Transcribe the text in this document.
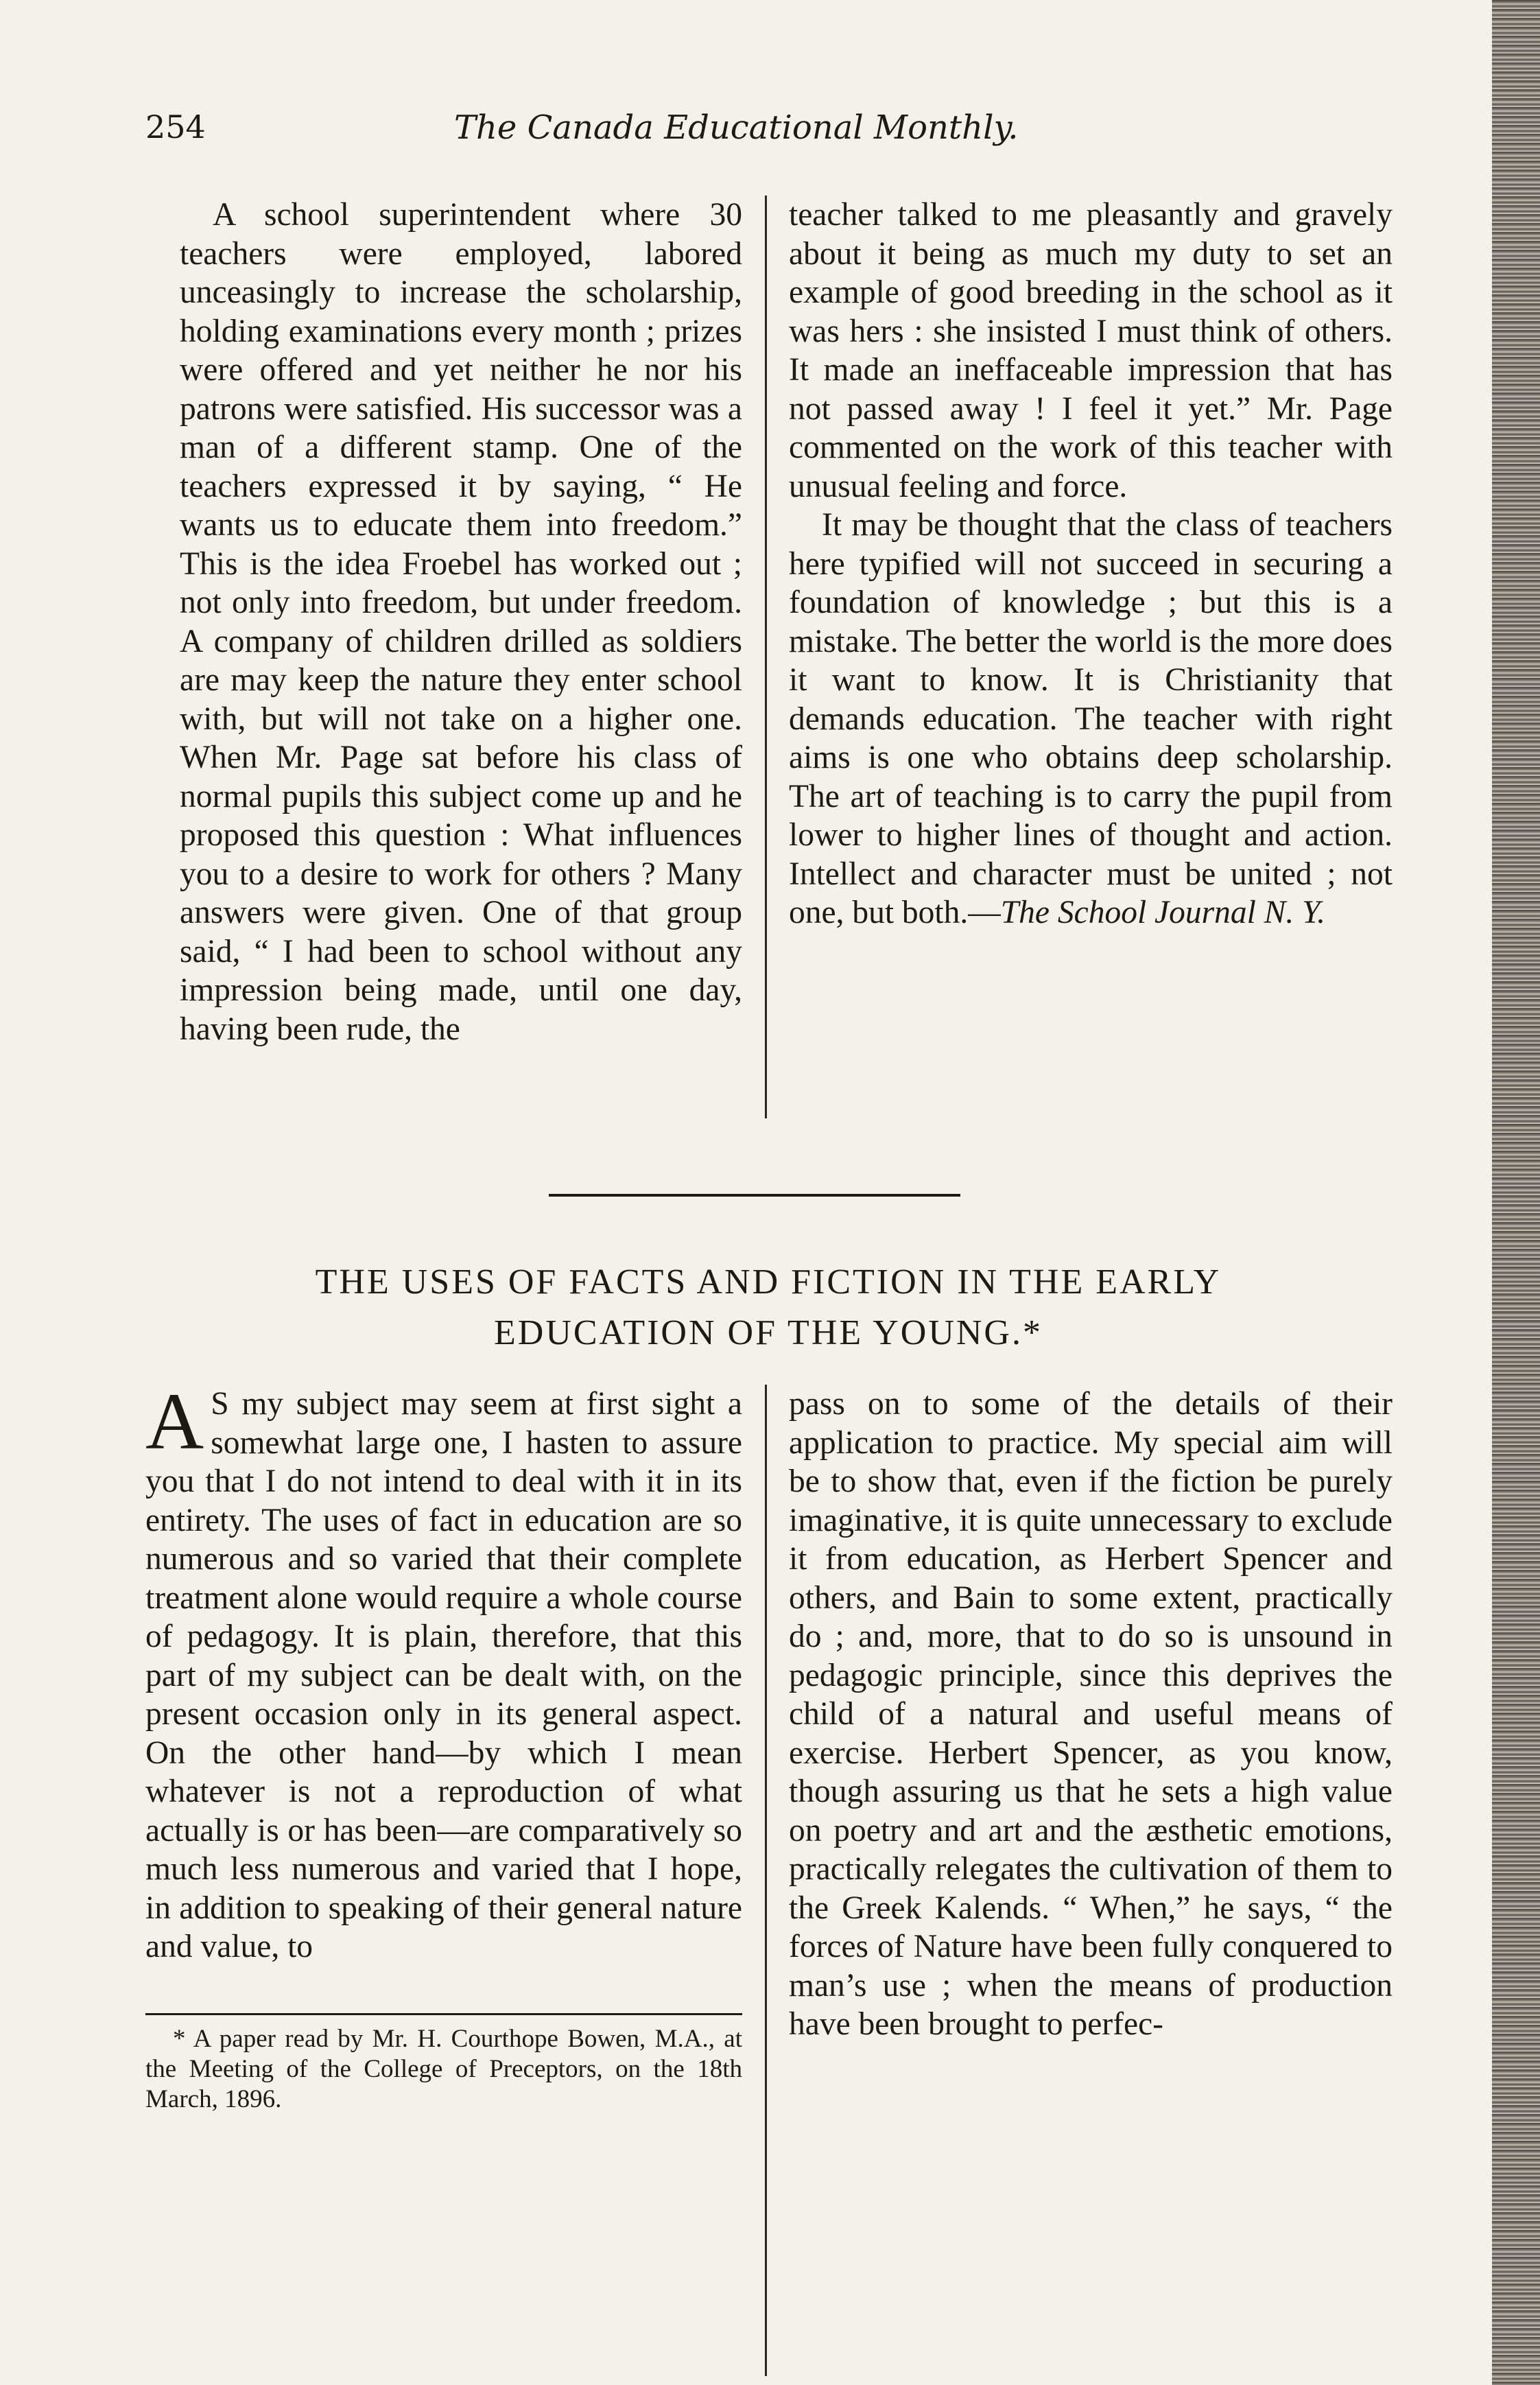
254	The Canada Educational Monthly.

A school superintendent where 30 teachers were employed, labored unceasingly to increase the scholarship, holding examinations every month ; prizes were offered and yet neither he nor his patrons were satisfied. His successor was a man of a different stamp. One of the teachers expressed it by saying, “ He wants us to educate them into freedom.” This is the idea Froebel has worked out ; not only into freedom, but under freedom. A company of children drilled as soldiers are may keep the nature they enter school with, but will not take on a higher one. When Mr. Page sat before his class of normal pupils this subject come up and he proposed this question : What influences you to a desire to work for others ? Many answers were given. One of that group said, “ I had been to school without any impression being made, until one day, having been rude, the

teacher talked to me pleasantly and gravely about it being as much my duty to set an example of good breeding in the school as it was hers : she insisted I must think of others. It made an ineffaceable impression that has not passed away ! I feel it yet.” Mr. Page commented on the work of this teacher with unusual feeling and force.

It may be thought that the class of teachers here typified will not succeed in securing a foundation of knowledge ; but this is a mistake. The better the world is the more does it want to know. It is Christianity that demands education. The teacher with right aims is one who obtains deep scholarship. The art of teaching is to carry the pupil from lower to higher lines of thought and action. Intellect and character must be united ; not one, but both.—The School Journal N. Y.

THE USES OF FACTS AND FICTION IN THE EARLY
EDUCATION OF THE YOUNG.*

A S my subject may seem at first sight a somewhat large one, I hasten to assure you that I do not intend to deal with it in its entirety. The uses of fact in education are so numerous and so varied that their complete treatment alone would require a whole course of pedagogy. It is plain, therefore, that this part of my subject can be dealt with, on the present occasion only in its general aspect. On the other hand—by which I mean whatever is not a reproduction of what actually is or has been—are comparatively so much less numerous and varied that I hope, in addition to speaking of their general nature and value, to

pass on to some of the details of their application to practice. My special aim will be to show that, even if the fiction be purely imaginative, it is quite unnecessary to exclude it from education, as Herbert Spencer and others, and Bain to some extent, practically do ; and, more, that to do so is unsound in pedagogic principle, since this deprives the child of a natural and useful means of exercise. Herbert Spencer, as you know, though assuring us that he sets a high value on poetry and art and the æsthetic emotions, practically relegates the cultivation of them to the Greek Kalends. “ When,” he says, “ the forces of Nature have been fully conquered to man’s use ; when the means of production have been brought to perfec-

* A paper read by Mr. H. Courthope Bowen, M.A., at the Meeting of the College of Preceptors, on the 18th March, 1896.
